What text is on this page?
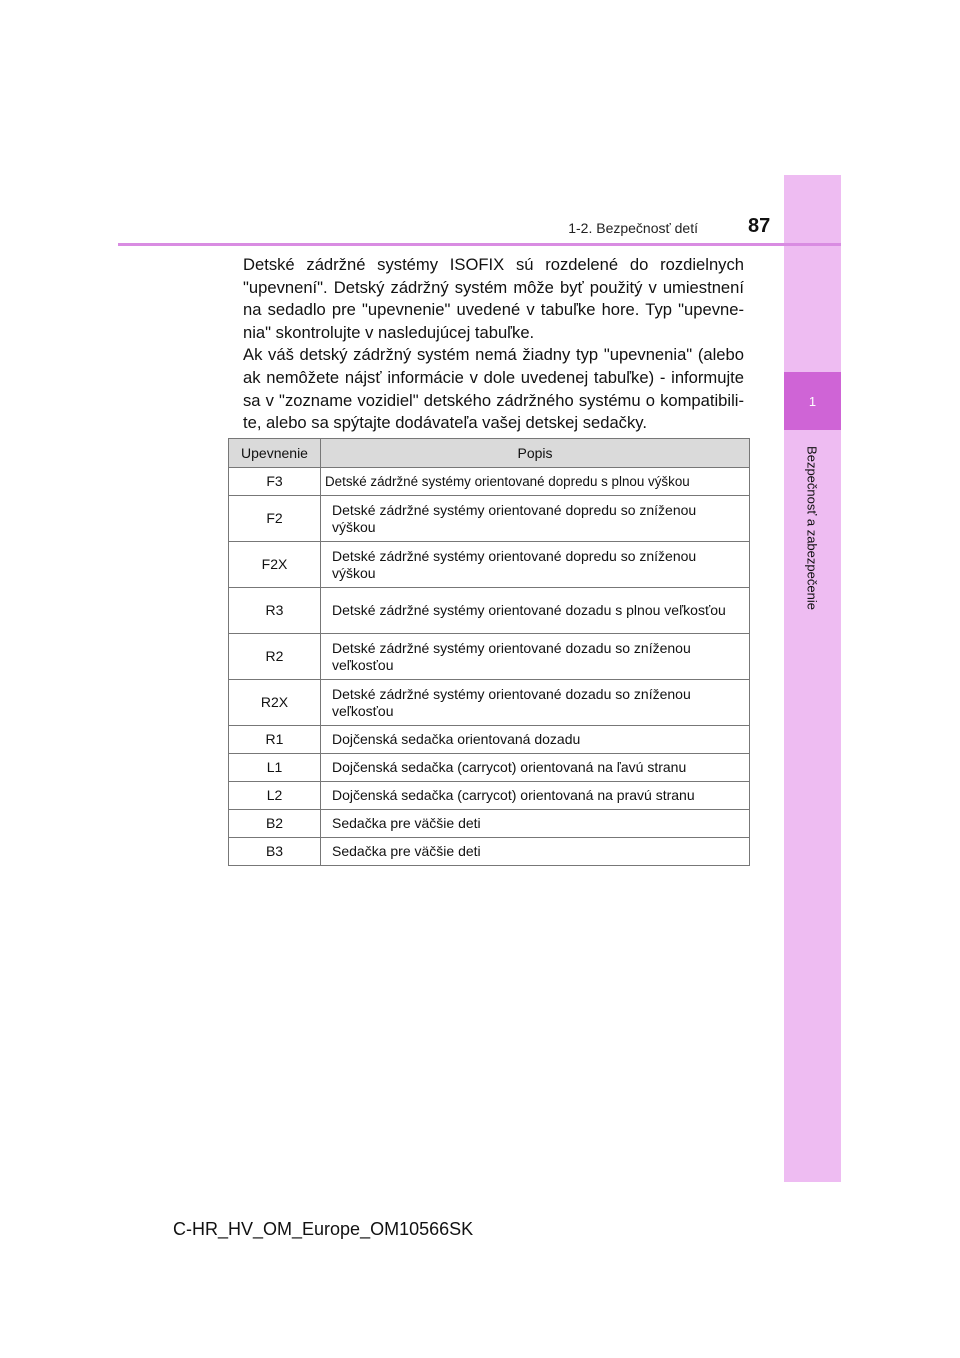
1
Bezpečnosť a zabezpečenie
1-2. Bezpečnosť detí	87

Detské zádržné systémy ISOFIX sú rozdelené do rozdielnych "upevnení". Detský zádržný systém môže byť použitý v umiestnení na sedadlo pre "upevnenie" uvedené v tabuľke hore. Typ "upevnenia" skontrolujte v nasledujúcej tabuľke.

Ak váš detský zádržný systém nemá žiadny typ "upevnenia" (alebo ak nemôžete nájsť informácie v dole uvedenej tabuľke) - informujte sa v "zozname vozidiel" detského zádržného systému o kompatibilite, alebo sa spýtajte dodávateľa vašej detskej sedačky.

Upevnenie	Popis
F3	Detské zádržné systémy orientované dopredu s plnou výškou
F2	Detské zádržné systémy orientované dopredu so zníženou výškou
F2X	Detské zádržné systémy orientované dopredu so zníženou výškou
R3	Detské zádržné systémy orientované dozadu s plnou veľkosťou
R2	Detské zádržné systémy orientované dozadu so zníženou veľkosťou
R2X	Detské zádržné systémy orientované dozadu so zníženou veľkosťou
R1	Dojčenská sedačka orientovaná dozadu
L1	Dojčenská sedačka (carrycot) orientovaná na ľavú stranu
L2	Dojčenská sedačka (carrycot) orientovaná na pravú stranu
B2	Sedačka pre väčšie deti
B3	Sedačka pre väčšie deti
C-HR_HV_OM_Europe_OM10566SK
